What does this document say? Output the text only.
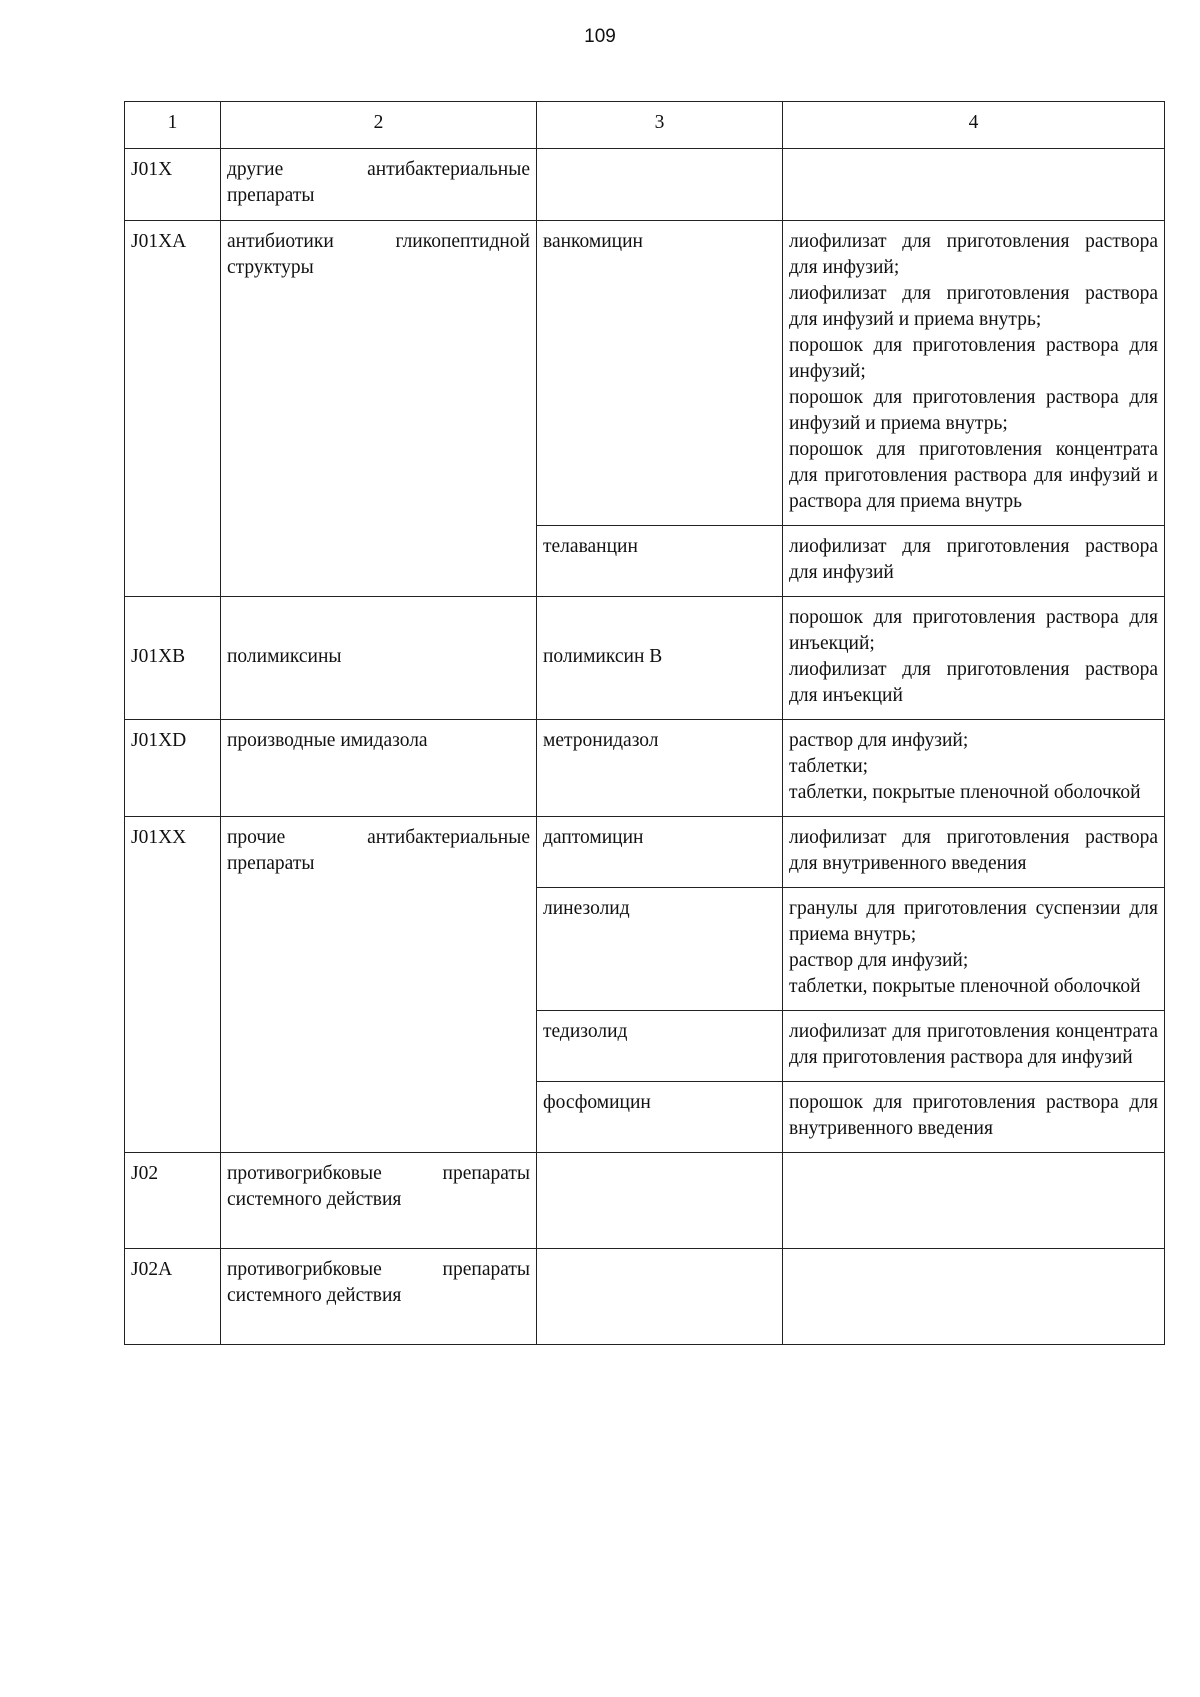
109
1	2	3	4
J01X	другие антибактериальные препараты		
J01XA	антибиотики гликопептидной структуры	ванкомицин	лиофилизат для приготовления раствора для инфузий;
лиофилизат для приготовления раствора для инфузий и приема внутрь;
порошок для приготовления раствора для инфузий;
порошок для приготовления раствора для инфузий и приема внутрь;
порошок для приготовления концентрата для приготовления раствора для инфузий и раствора для приема внутрь

		телаванцин	лиофилизат для приготовления раствора для инфузий

J01XB	полимиксины	полимиксин В	порошок для приготовления раствора для инъекций;
лиофилизат для приготовления раствора для инъекций

J01XD	производные имидазола	метронидазол	раствор для инфузий;
таблетки;
таблетки, покрытые пленочной оболочкой

J01XX	прочие антибактериальные препараты	даптомицин	лиофилизат для приготовления раствора для внутривенного введения

		линезолид	гранулы для приготовления суспензии для приема внутрь;
раствор для инфузий;
таблетки, покрытые пленочной оболочкой

		тедизолид	лиофилизат для приготовления концентрата для приготовления раствора для инфузий

		фосфомицин	порошок для приготовления раствора для внутривенного введения

J02	противогрибковые препараты системного действия		
J02A	противогрибковые препараты системного действия		
